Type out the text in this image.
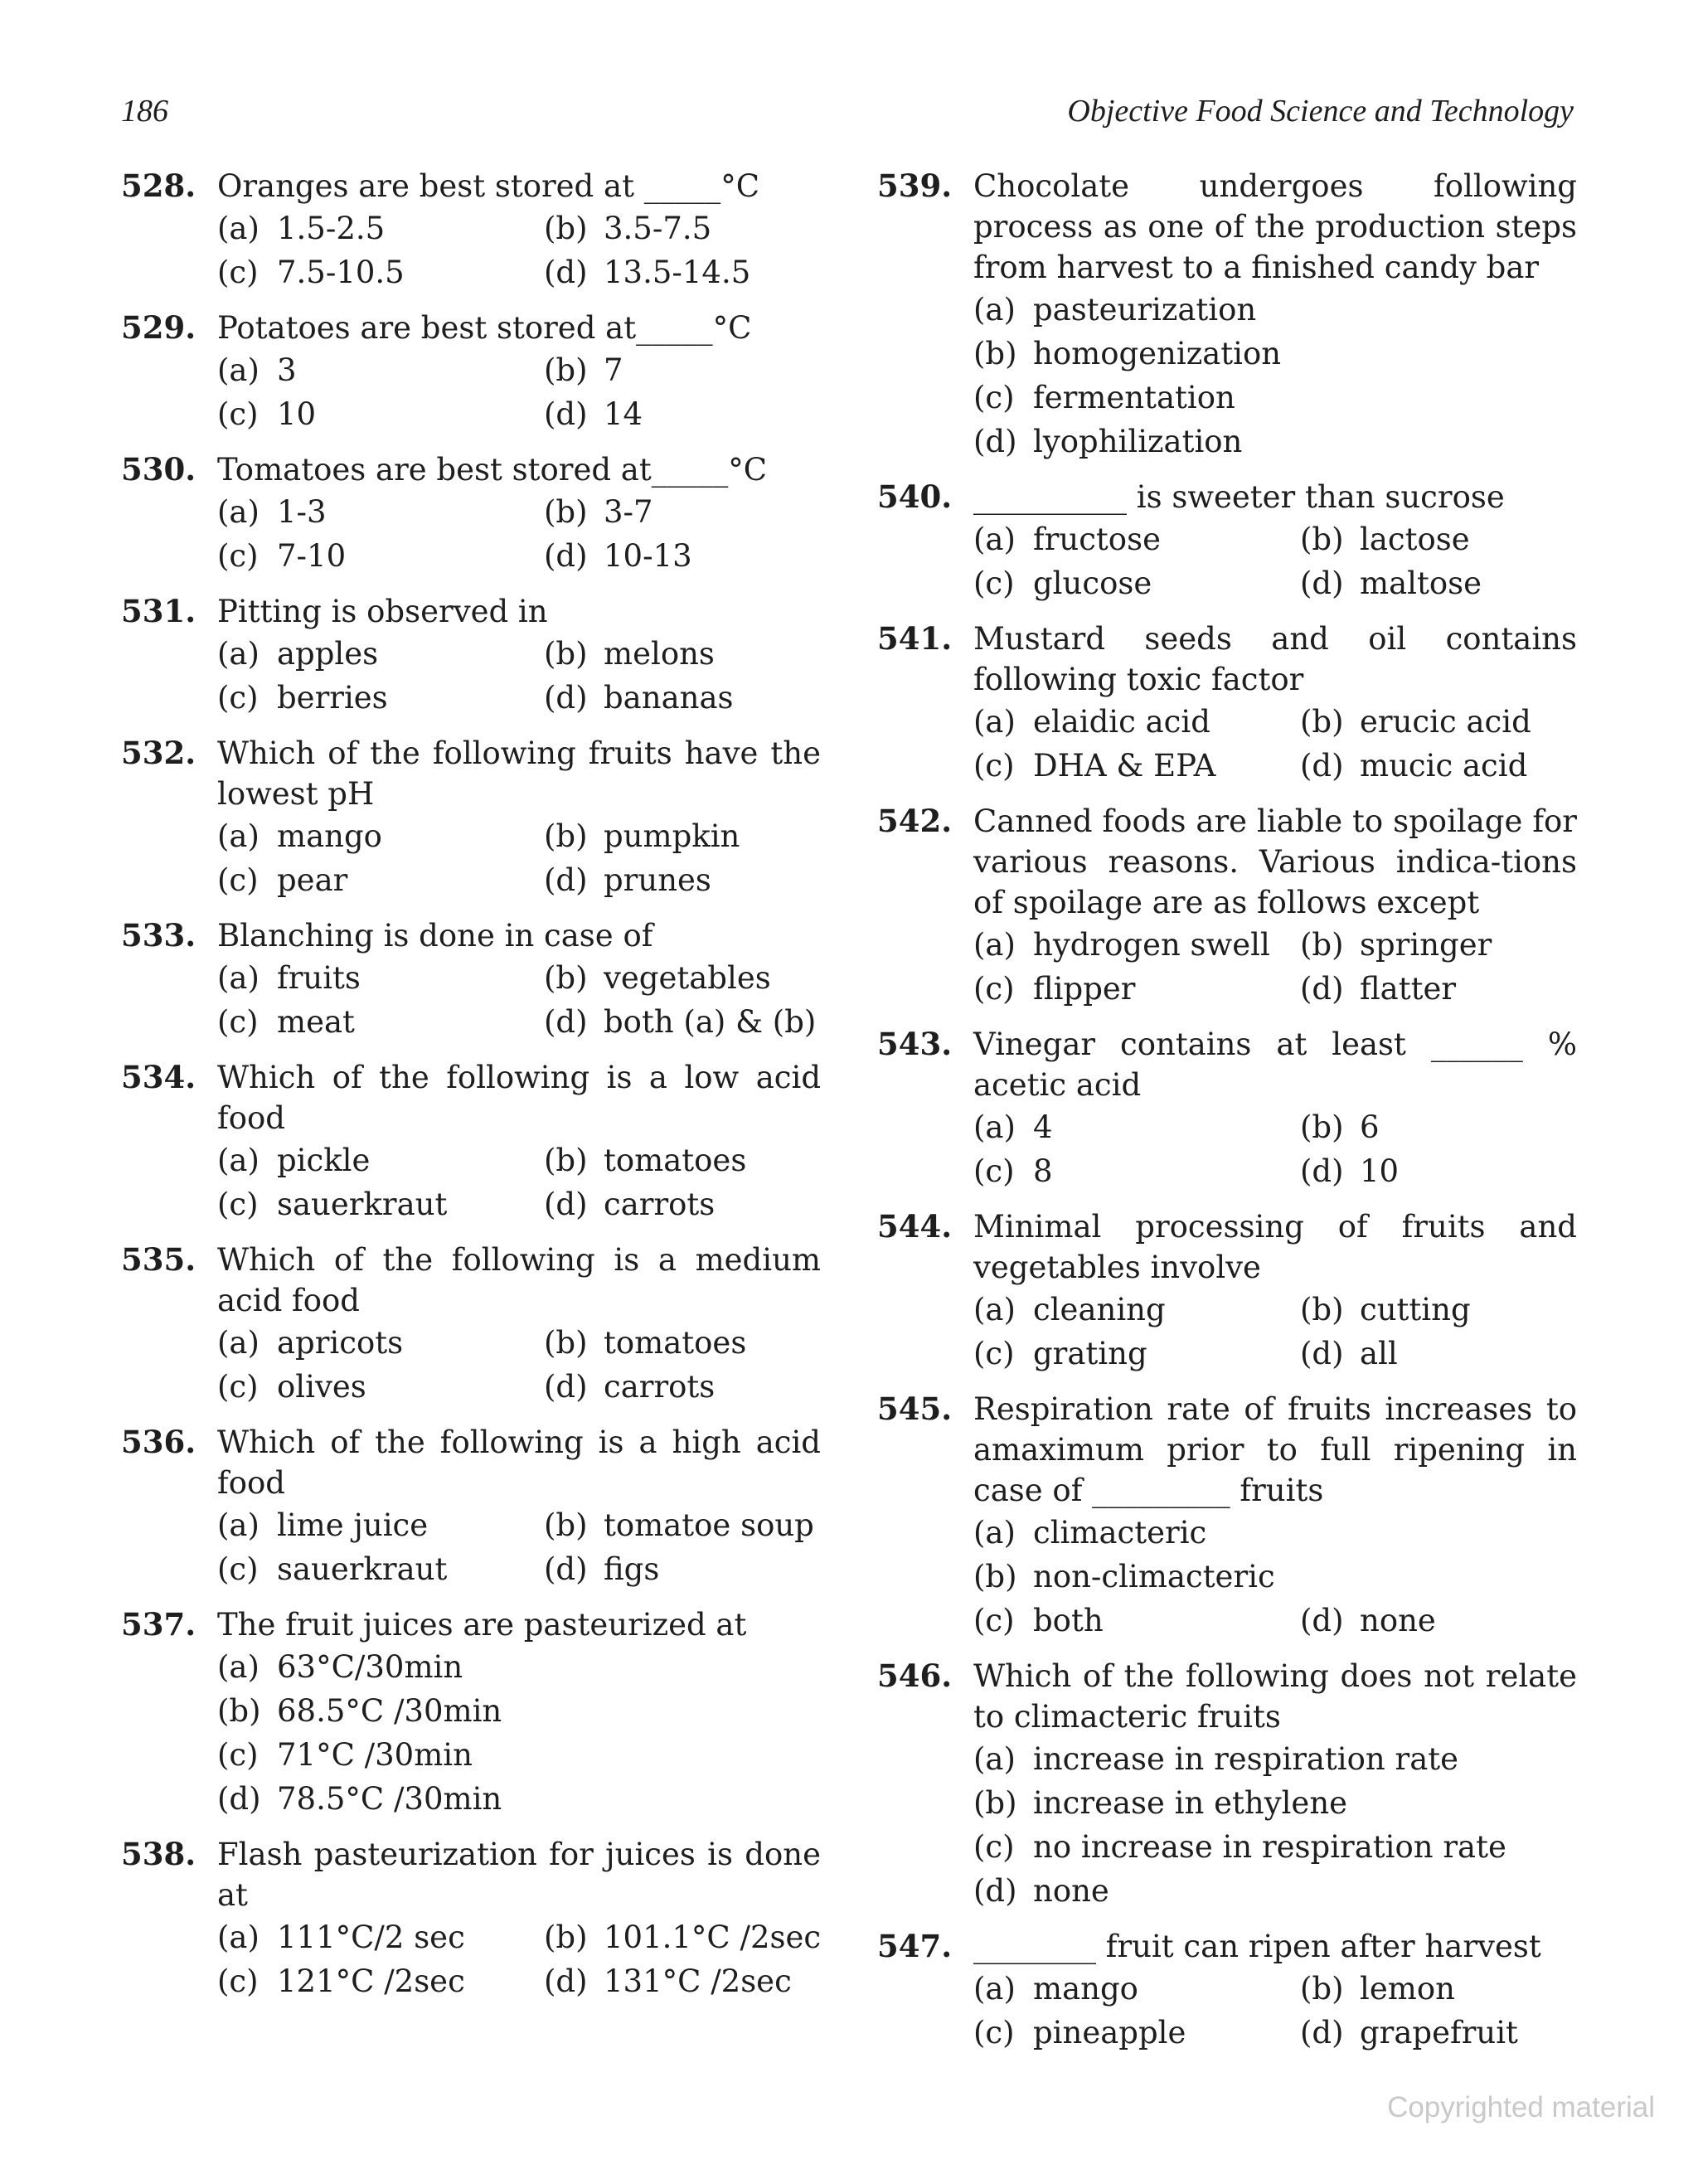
186	Objective Food Science and Technology
528. Oranges are best stored at _____°C
(a) 1.5-2.5	(b) 3.5-7.5
(c) 7.5-10.5	(d) 13.5-14.5
529. Potatoes are best stored at_____°C
(a) 3	(b) 7
(c) 10	(d) 14
530. Tomatoes are best stored at_____°C
(a) 1-3	(b) 3-7
(c) 7-10	(d) 10-13
531. Pitting is observed in
(a) apples	(b) melons
(c) berries	(d) bananas
532. Which of the following fruits have the lowest pH
(a) mango	(b) pumpkin
(c) pear	(d) prunes
533. Blanching is done in case of
(a) fruits	(b) vegetables
(c) meat	(d) both (a) & (b)
534. Which of the following is a low acid food
(a) pickle	(b) tomatoes
(c) sauerkraut	(d) carrots
535. Which of the following is a medium acid food
(a) apricots	(b) tomatoes
(c) olives	(d) carrots
536. Which of the following is a high acid food
(a) lime juice	(b) tomatoe soup
(c) sauerkraut	(d) figs
537. The fruit juices are pasteurized at
(a) 63°C/30min
(b) 68.5°C /30min
(c) 71°C /30min
(d) 78.5°C /30min
538. Flash pasteurization for juices is done at
(a) 111°C/2 sec	(b) 101.1°C /2sec
(c) 121°C /2sec	(d) 131°C /2sec
539. Chocolate undergoes following process as one of the production steps from harvest to a finished candy bar
(a) pasteurization
(b) homogenization
(c) fermentation
(d) lyophilization
540. __________ is sweeter than sucrose
(a) fructose	(b) lactose
(c) glucose	(d) maltose
541. Mustard seeds and oil contains following toxic factor
(a) elaidic acid	(b) erucic acid
(c) DHA & EPA	(d) mucic acid
542. Canned foods are liable to spoilage for various reasons. Various indica-tions of spoilage are as follows except
(a) hydrogen swell (b) springer
(c) flipper	(d) flatter
543. Vinegar contains at least ______ % acetic acid
(a) 4	(b) 6
(c) 8	(d) 10
544. Minimal processing of fruits and vegetables involve
(a) cleaning	(b) cutting
(c) grating	(d) all
545. Respiration rate of fruits increases to amaximum prior to full ripening in case of _________ fruits
(a) climacteric
(b) non-climacteric
(c) both	(d) none
546. Which of the following does not relate to climacteric fruits
(a) increase in respiration rate
(b) increase in ethylene
(c) no increase in respiration rate
(d) none
547. ________ fruit can ripen after harvest
(a) mango	(b) lemon
(c) pineapple	(d) grapefruit
Copyrighted material
